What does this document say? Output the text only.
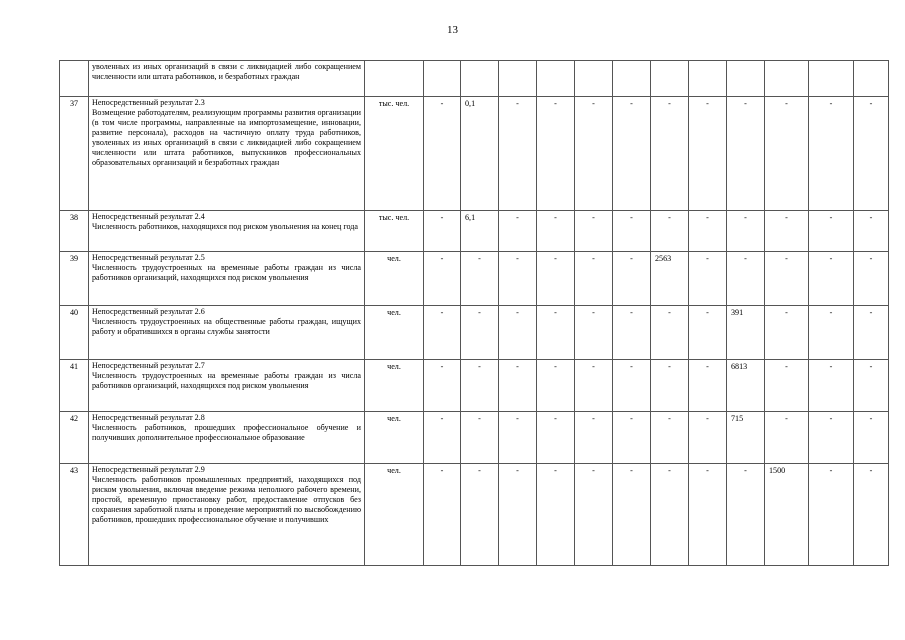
13

	уволенных из иных организаций в связи с ликвидацией либо сокращением численности или штата работников, и безработных граждан													

37	Непосредственный результат 2.3
Возмещение работодателям, реализующим программы развития организации (в том числе программы, направленные на импортозамещение, инновации, развитие персонала), расходов на частичную оплату труда работников, уволенных из иных организаций в связи с ликвидацией либо сокращением численности или штата работников, выпускников профессиональных образовательных организаций и безработных граждан	тыс. чел.	-	0,1	-	-	-	-	-	-	-	-	-	-
38	Непосредственный результат 2.4
Численность работников, находящихся под риском увольнения на конец года	тыс. чел.	-	6,1	-	-	-	-	-	-	-	-	-	-
39	Непосредственный результат 2.5
Численность трудоустроенных на временные работы граждан из числа работников организаций, находящихся под риском увольнения	чел.	-	-	-	-	-	-	2563	-	-	-	-	-
40	Непосредственный результат 2.6
Численность трудоустроенных на общественные работы граждан, ищущих работу и обратившихся в органы службы занятости	чел.	-	-	-	-	-	-	-	-	391	-	-	-
41	Непосредственный результат 2.7
Численность трудоустроенных на временные работы граждан из числа работников организаций, находящихся под риском увольнения	чел.	-	-	-	-	-	-	-	-	6813	-	-	-
42	Непосредственный результат 2.8
Численность работников, прошедших профессиональное обучение и получивших дополнительное профессиональное образование	чел.	-	-	-	-	-	-	-	-	715	-	-	-
43	Непосредственный результат 2.9
Численность работников промышленных предприятий, находящихся под риском увольнения, включая введение режима неполного рабочего времени, простой, временную приостановку работ, предоставление отпусков без сохранения заработной платы и проведение мероприятий по высвобождению работников, прошедших профессиональное обучение и получивших	чел.	-	-	-	-	-	-	-	-	-	1500	-	-
